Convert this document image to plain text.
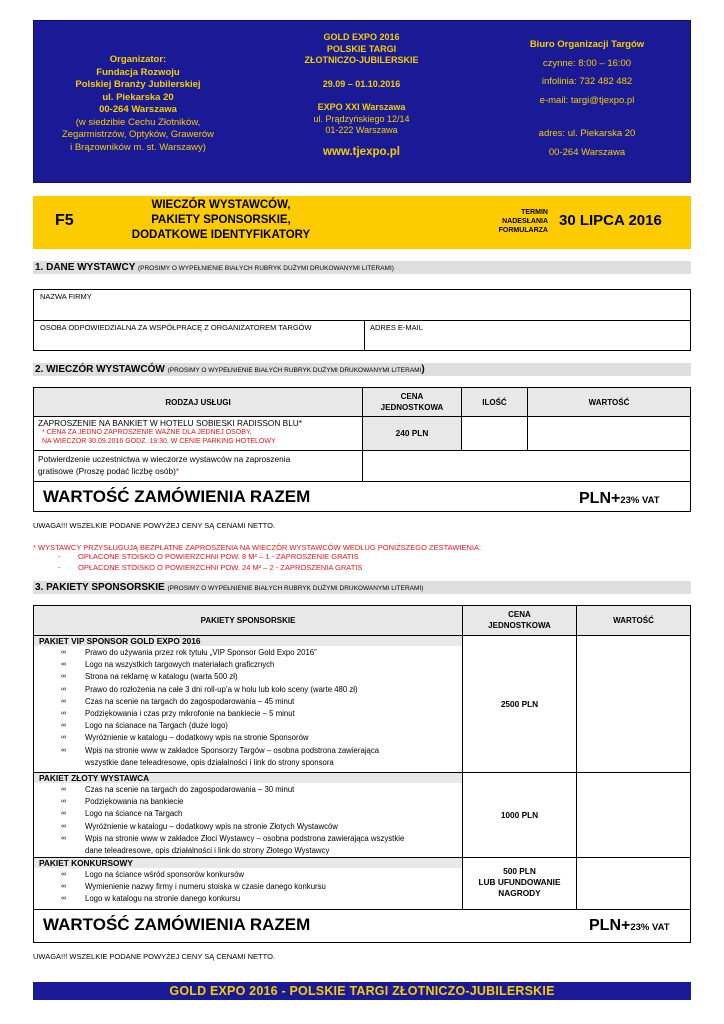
Organizator:
Fundacja Rozwoju
Polskiej Branży Jubilerskiej
ul. Piekarska 20
00-264 Warszawa
(w siedzibie Cechu Złotników,
Zegarmistrzów, Optyków, Grawerów
i Brązowników m. st. Warszawy)
GOLD EXPO 2016
POLSKIE TARGI
ZŁOTNICZO-JUBILERSKIE
29.09 – 01.10.2016
EXPO XXI Warszawa
ul. Prądzyńskiego 12/14
01-222 Warszawa
www.tjexpo.pl
Biuro Organizacji Targów
czynne: 8:00 – 16:00
infolinia: 732 482 482
e-mail: targi@tjexpo.pl
adres: ul. Piekarska 20
00-264 Warszawa
F5
WIECZÓR WYSTAWCÓW,
PAKIETY SPONSORSKIE,
DODATKOWE IDENTYFIKATORY
TERMIN
NADESŁANIA
FORMULARZA
30 LIPCA 2016
1. DANE WYSTAWCY (PROSIMY O WYPEŁNIENIE BIAŁYCH RUBRYK DUŻYMI DRUKOWANYMI LITERAMI)
NAZWA FIRMY
OSOBA ODPOWIEDZIALNA ZA WSPÓŁPRACĘ Z ORGANIZATOREM TARGÓW	ADRES E-MAIL
2. WIECZÓR WYSTAWCÓW (PROSIMY O WYPEŁNIENIE BIAŁYCH RUBRYK DUŻYMI DRUKOWANYMI LITERAMI)
RODZAJ USŁUGI
CENA
JEDNOSTKOWA
ILOŚĆ	WARTOŚĆ
ZAPROSZENIE NA BANKIET W HOTELU SOBIESKI RADISSON BLU*
* CENA ZA JEDNO ZAPROSZENIE WAŻNE DLA JEDNEJ OSOBY,
NA WIECZÓR 30.09.2016 GODZ. 19:30, W CENIE PARKING HOTELOWY
240 PLN
Potwierdzenie uczestnictwa w wieczorze wystawców na zaproszenia
gratisowe (Proszę podać liczbę osób)*
WARTOŚĆ ZAMÓWIENIA RAZEM	PLN+23% VAT
UWAGA!!! WSZELKIE PODANE POWYŻEJ CENY SĄ CENAMI NETTO.
* WYSTAWCY PRZYSŁUGUJĄ BEZPŁATNE ZAPROSZENIA NA WIECZÓR WYSTAWCÓW WEDŁUG PONIŻSZEGO ZESTAWIENIA:
- OPŁACONE STOISKO O POWIERZCHNI POW. 8 M² – 1 - ZAPROSZENIE GRATIS
- OPŁACONE STOISKO O POWIERZCHNI POW. 24 M² – 2 - ZAPROSZENIA GRATIS
3. PAKIETY SPONSORSKIE (PROSIMY O WYPEŁNIENIE BIAŁYCH RUBRYK DUŻYMI DRUKOWANYMI LITERAMI)
PAKIETY SPONSORSKIE
CENA
JEDNOSTKOWA
WARTOŚĆ
PAKIET VIP SPONSOR GOLD EXPO 2016
∞ Prawo do używania przez rok tytułu „VIP Sponsor Gold Expo 2016”
∞ Logo na wszystkich targowych materiałach graficznych
∞ Strona na reklamę w katalogu (warta 500 zł)
∞ Prawo do rozłożenia na całe 3 dni roll-up’a w holu lub koło sceny (warte 480 zł)
∞ Czas na scenie na targach do zagospodarowania – 45 minut
∞ Podziękowania i czas przy mikrofonie na bankiecie – 5 minut
∞ Logo na ścianace na Targach (duże logo)
∞ Wyróżnienie w katalogu – dodatkowy wpis na stronie Sponsorów
∞ Wpis na stronie www w zakładce Sponsorzy Targów – osobna podstrona zawierająca
wszystkie dane teleadresowe, opis działalności i link do strony sponsora
2500 PLN
PAKIET ZŁOTY WYSTAWCA
∞ Czas na scenie na targach do zagospodarowania – 30 minut
∞ Podziękowania na bankiecie
∞ Logo na ściance na Targach
∞ Wyróżnienie w katalogu – dodatkowy wpis na stronie Złotych Wystawców
∞ Wpis na stronie www w zakładce Złoci Wystawcy – osobna podstrona zawierająca wszystkie
dane teleadresowe, opis działalności i link do strony Złotego Wystawcy
1000 PLN
PAKIET KONKURSOWY
∞ Logo na ściance wśród sponsorów konkursów
∞ Wymienienie nazwy firmy i numeru stoiska w czasie danego konkursu
∞ Logo w katalogu na stronie danego konkursu
500 PLN
LUB UFUNDOWANIE
NAGRODY
WARTOŚĆ ZAMÓWIENIA RAZEM	PLN+23% VAT
UWAGA!!! WSZELKIE PODANE POWYŻEJ CENY SĄ CENAMI NETTO.
GOLD EXPO 2016 - POLSKIE TARGI ZŁOTNICZO-JUBILERSKIE
